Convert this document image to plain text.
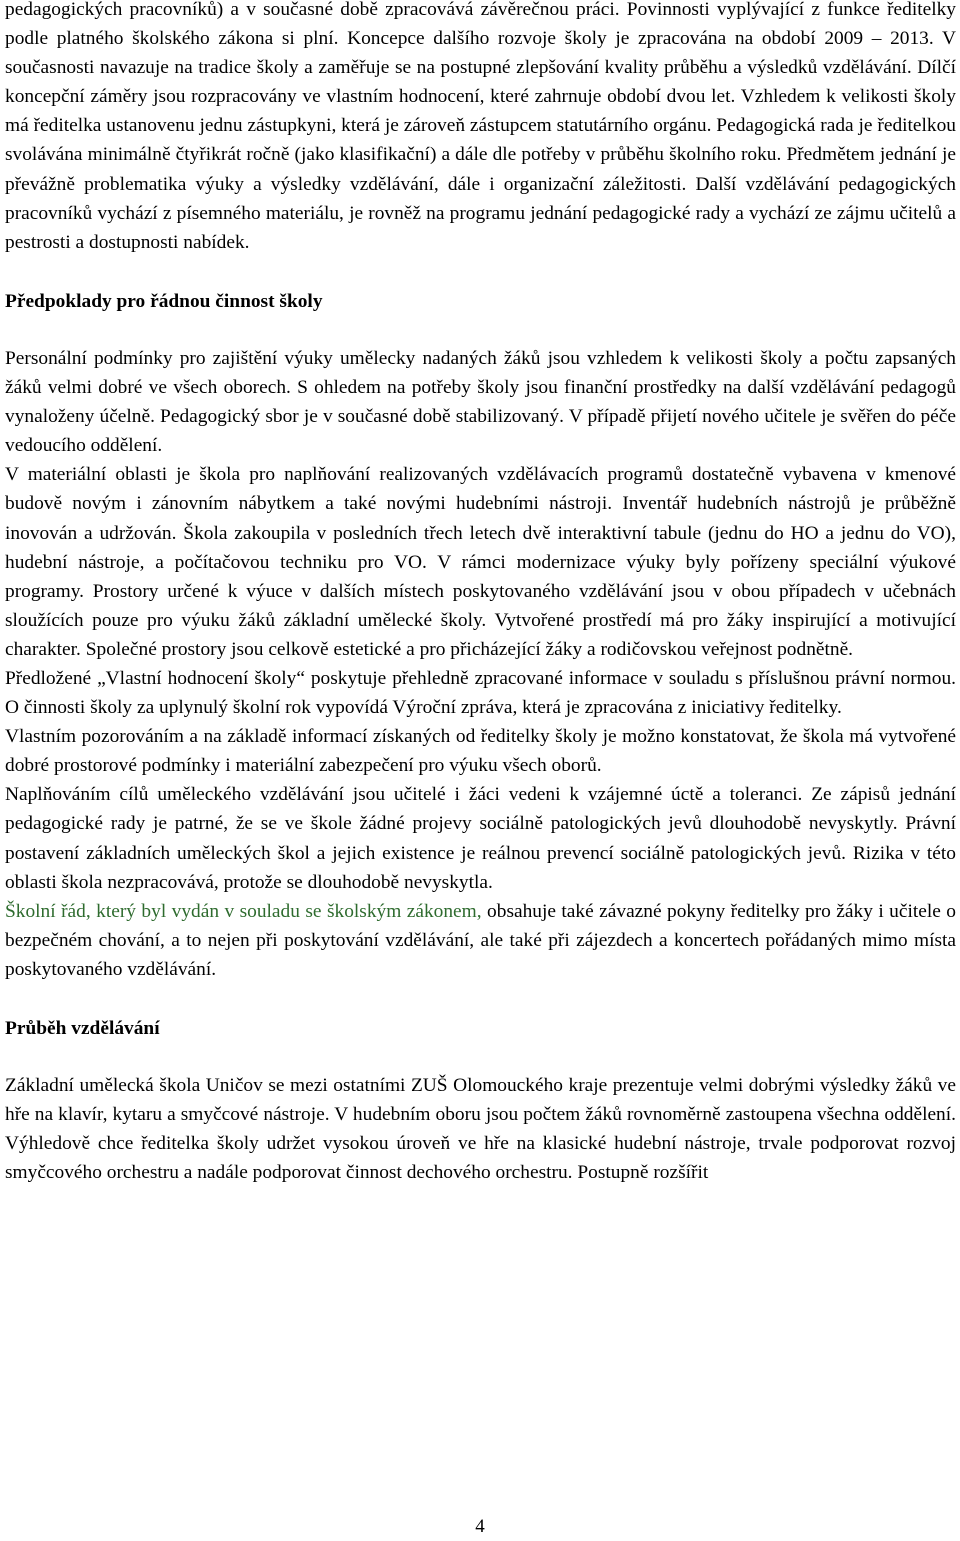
pedagogických pracovníků) a v současné době zpracovává závěrečnou práci. Povinnosti vyplývající z funkce ředitelky podle platného školského zákona si plní. Koncepce dalšího rozvoje školy je zpracována na období 2009 – 2013. V současnosti navazuje na tradice školy a zaměřuje se na postupné zlepšování kvality průběhu a výsledků vzdělávání. Dílčí koncepční záměry jsou rozpracovány ve vlastním hodnocení, které zahrnuje období dvou let. Vzhledem k velikosti školy má ředitelka ustanovenu jednu zástupkyni, která je zároveň zástupcem statutárního orgánu. Pedagogická rada je ředitelkou svolávána minimálně čtyřikrát ročně (jako klasifikační) a dále dle potřeby v průběhu školního roku. Předmětem jednání je převážně problematika výuky a výsledky vzdělávání, dále i organizační záležitosti. Další vzdělávání pedagogických pracovníků vychází z písemného materiálu, je rovněž na programu jednání pedagogické rady a vychází ze zájmu učitelů a pestrosti a dostupnosti nabídek.

Předpoklady pro řádnou činnost školy

Personální podmínky pro zajištění výuky umělecky nadaných žáků jsou vzhledem k velikosti školy a počtu zapsaných žáků velmi dobré ve všech oborech. S ohledem na potřeby školy jsou finanční prostředky na další vzdělávání pedagogů vynaloženy účelně. Pedagogický sbor je v současné době stabilizovaný. V případě přijetí nového učitele je svěřen do péče vedoucího oddělení.

V materiální oblasti je škola pro naplňování realizovaných vzdělávacích programů dostatečně vybavena v kmenové budově novým i zánovním nábytkem a také novými hudebními nástroji. Inventář hudebních nástrojů je průběžně inovován a udržován. Škola zakoupila v posledních třech letech dvě interaktivní tabule (jednu do HO a jednu do VO), hudební nástroje, a počítačovou techniku pro VO. V rámci modernizace výuky byly pořízeny speciální výukové programy. Prostory určené k výuce v dalších místech poskytovaného vzdělávání jsou v obou případech v učebnách sloužících pouze pro výuku žáků základní umělecké školy. Vytvořené prostředí má pro žáky inspirující a motivující charakter. Společné prostory jsou celkově estetické a pro přicházející žáky a rodičovskou veřejnost podnětně.

Předložené „Vlastní hodnocení školy“ poskytuje přehledně zpracované informace v souladu s příslušnou právní normou. O činnosti školy za uplynulý školní rok vypovídá Výroční zpráva, která je zpracována z iniciativy ředitelky.

Vlastním pozorováním a na základě informací získaných od ředitelky školy je možno konstatovat, že škola má vytvořené dobré prostorové podmínky i materiální zabezpečení pro výuku všech oborů.

Naplňováním cílů uměleckého vzdělávání jsou učitelé i žáci vedeni k vzájemné úctě a toleranci. Ze zápisů jednání pedagogické rady je patrné, že se ve škole žádné projevy sociálně patologických jevů dlouhodobě nevyskytly. Právní postavení základních uměleckých škol a jejich existence je reálnou prevencí sociálně patologických jevů. Rizika v této oblasti škola nezpracovává, protože se dlouhodobě nevyskytla.

Školní řád, který byl vydán v souladu se školským zákonem, obsahuje také závazné pokyny ředitelky pro žáky i učitele o bezpečném chování, a to nejen při poskytování vzdělávání, ale také při zájezdech a koncertech pořádaných mimo místa poskytovaného vzdělávání.

Průběh vzdělávání

Základní umělecká škola Uničov se mezi ostatními ZUŠ Olomouckého kraje prezentuje velmi dobrými výsledky žáků ve hře na klavír, kytaru a smyčcové nástroje. V hudebním oboru jsou počtem žáků rovnoměrně zastoupena všechna oddělení. Výhledově chce ředitelka školy udržet vysokou úroveň ve hře na klasické hudební nástroje, trvale podporovat rozvoj smyčcového orchestru a nadále podporovat činnost dechového orchestru. Postupně rozšířit

4
